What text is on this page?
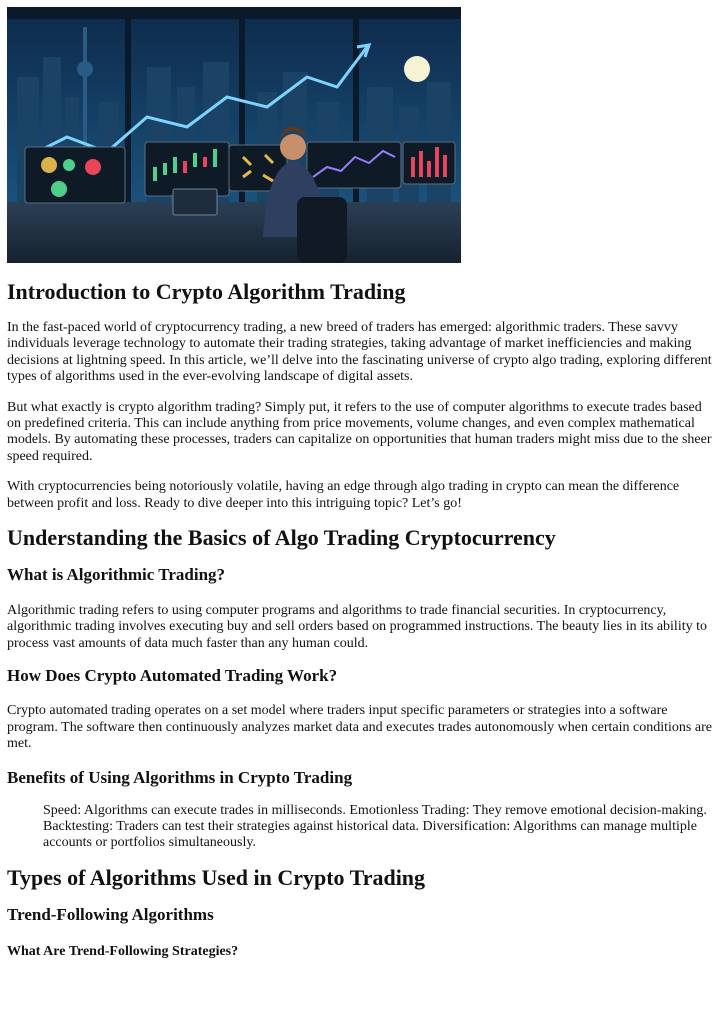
Introduction to Crypto Algorithm Trading

In the fast-paced world of cryptocurrency trading, a new breed of traders has emerged: algorithmic traders. These savvy individuals leverage technology to automate their trading strategies, taking advantage of market inefficiencies and making decisions at lightning speed. In this article, we’ll delve into the fascinating universe of crypto algo trading, exploring different types of algorithms used in the ever-evolving landscape of digital assets.

But what exactly is crypto algorithm trading? Simply put, it refers to the use of computer algorithms to execute trades based on predefined criteria. This can include anything from price movements, volume changes, and even complex mathematical models. By automating these processes, traders can capitalize on opportunities that human traders might miss due to the sheer speed required.

With cryptocurrencies being notoriously volatile, having an edge through algo trading in crypto can mean the difference between profit and loss. Ready to dive deeper into this intriguing topic? Let’s go!

Understanding the Basics of Algo Trading Cryptocurrency
What is Algorithmic Trading?

Algorithmic trading refers to using computer programs and algorithms to trade financial securities. In cryptocurrency, algorithmic trading involves executing buy and sell orders based on programmed instructions. The beauty lies in its ability to process vast amounts of data much faster than any human could.

How Does Crypto Automated Trading Work?

Crypto automated trading operates on a set model where traders input specific parameters or strategies into a software program. The software then continuously analyzes market data and executes trades autonomously when certain conditions are met.

Benefits of Using Algorithms in Crypto Trading

Speed: Algorithms can execute trades in milliseconds. Emotionless Trading: They remove emotional decision-making. Backtesting: Traders can test their strategies against historical data. Diversification: Algorithms can manage multiple accounts or portfolios simultaneously.

Types of Algorithms Used in Crypto Trading
Trend-Following Algorithms
What Are Trend-Following Strategies?
